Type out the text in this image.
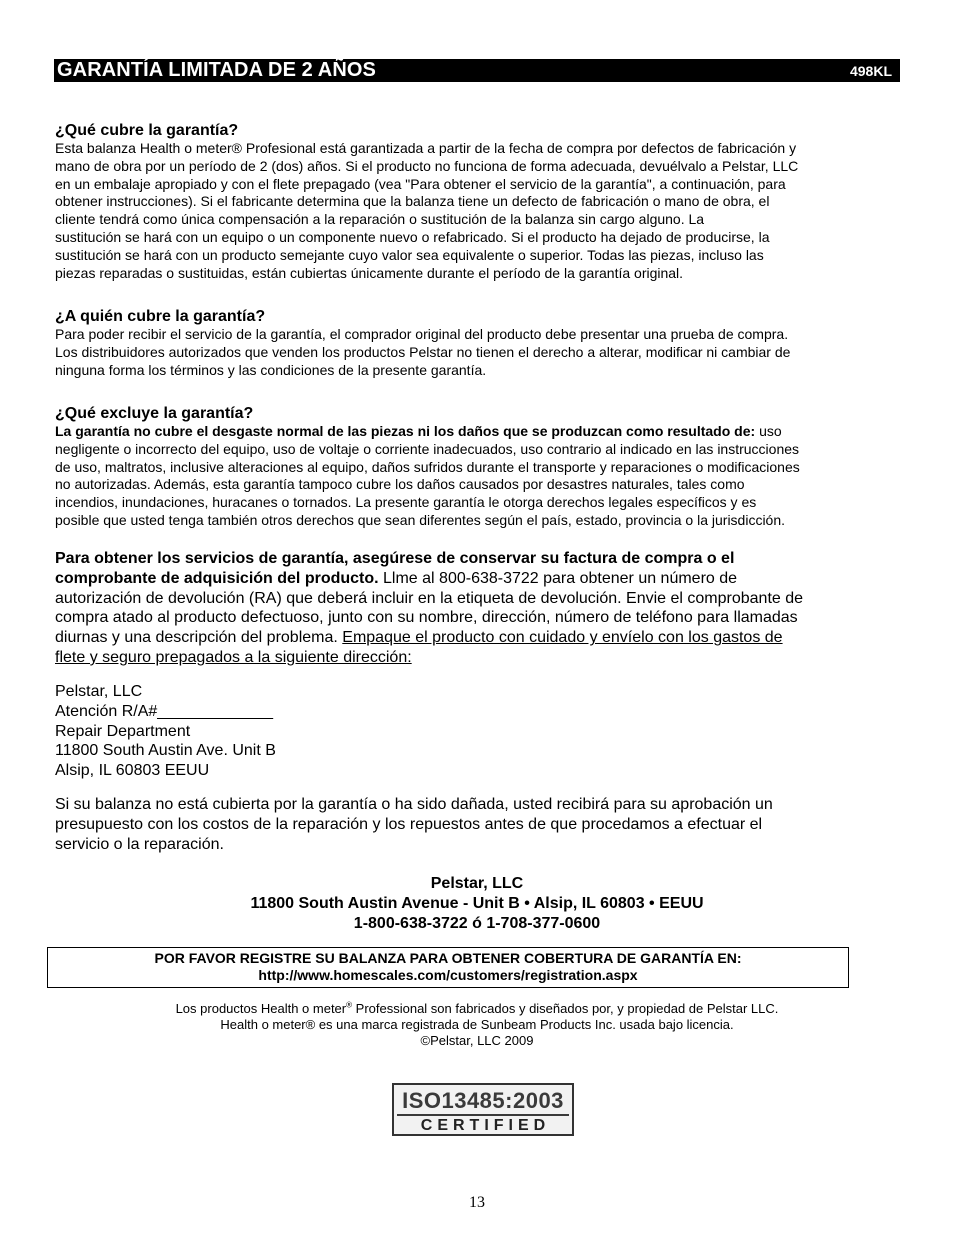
GARANTÍA LIMITADA DE 2 AÑOS	498KL

¿Qué cubre la garantía?

Esta balanza Health o meter® Profesional está garantizada a partir de la fecha de compra por defectos de fabricación y

mano de obra por un período de 2 (dos) años. Si el producto no funciona de forma adecuada, devuélvalo a Pelstar, LLC

en un embalaje apropiado y con el flete prepagado (vea "Para obtener el servicio de la garantía", a continuación, para

obtener instrucciones). Si el fabricante determina que la balanza tiene un defecto de fabricación o mano de obra, el

cliente tendrá como única compensación a la reparación o sustitución de la balanza sin cargo alguno. La

sustitución se hará con un equipo o un componente nuevo o refabricado. Si el producto ha dejado de producirse, la

sustitución se hará con un producto semejante cuyo valor sea equivalente o superior. Todas las piezas, incluso las

piezas reparadas o sustituidas, están cubiertas únicamente durante el período de la garantía original.

¿A quién cubre la garantía?

Para poder recibir el servicio de la garantía, el comprador original del producto debe presentar una prueba de compra.

Los distribuidores autorizados que venden los productos Pelstar no tienen el derecho a alterar, modificar ni cambiar de

ninguna forma los términos y las condiciones de la presente garantía.

¿Qué excluye la garantía?

La garantía no cubre el desgaste normal de las piezas ni los daños que se produzcan como resultado de: uso

negligente o incorrecto del equipo, uso de voltaje o corriente inadecuados, uso contrario al indicado en las instrucciones

de uso, maltratos, inclusive alteraciones al equipo, daños sufridos durante el transporte y reparaciones o modificaciones

no autorizadas. Además, esta garantía tampoco cubre los daños causados por desastres naturales, tales como

incendios, inundaciones, huracanes o tornados. La presente garantía le otorga derechos legales específicos y es

posible que usted tenga también otros derechos que sean diferentes según el país, estado, provincia o la jurisdicción.

Para obtener los servicios de garantía, asegúrese de conservar su factura de compra o el

comprobante de adquisición del producto. Llme al 800-638-3722 para obtener un número de

autorización de devolución (RA) que deberá incluir en la etiqueta de devolución. Envie el comprobante de

compra atado al producto defectuoso, junto con su nombre, dirección, número de teléfono para llamadas

diurnas y una descripción del problema. Empaque el producto con cuidado y envíelo con los gastos de

flete y seguro prepagados a la siguiente dirección:

Pelstar, LLC

Atención R/A#_____________

Repair Department

11800 South Austin Ave. Unit B

Alsip, IL 60803 EEUU

Si su balanza no está cubierta por la garantía o ha sido dañada, usted recibirá para su aprobación un

presupuesto con los costos de la reparación y los repuestos antes de que procedamos a efectuar el

servicio o la reparación.

Pelstar, LLC

11800 South Austin Avenue - Unit B • Alsip, IL 60803 • EEUU

1-800-638-3722 ó 1-708-377-0600

POR FAVOR REGISTRE SU BALANZA PARA OBTENER COBERTURA DE GARANTÍA EN:

http://www.homescales.com/customers/registration.aspx

Los productos Health o meter® Professional son fabricados y diseñados por, y propiedad de Pelstar LLC.

Health o meter® es una marca registrada de Sunbeam Products Inc. usada bajo licencia.

©Pelstar, LLC 2009

ISO13485:2003
CERTIFIED
13
